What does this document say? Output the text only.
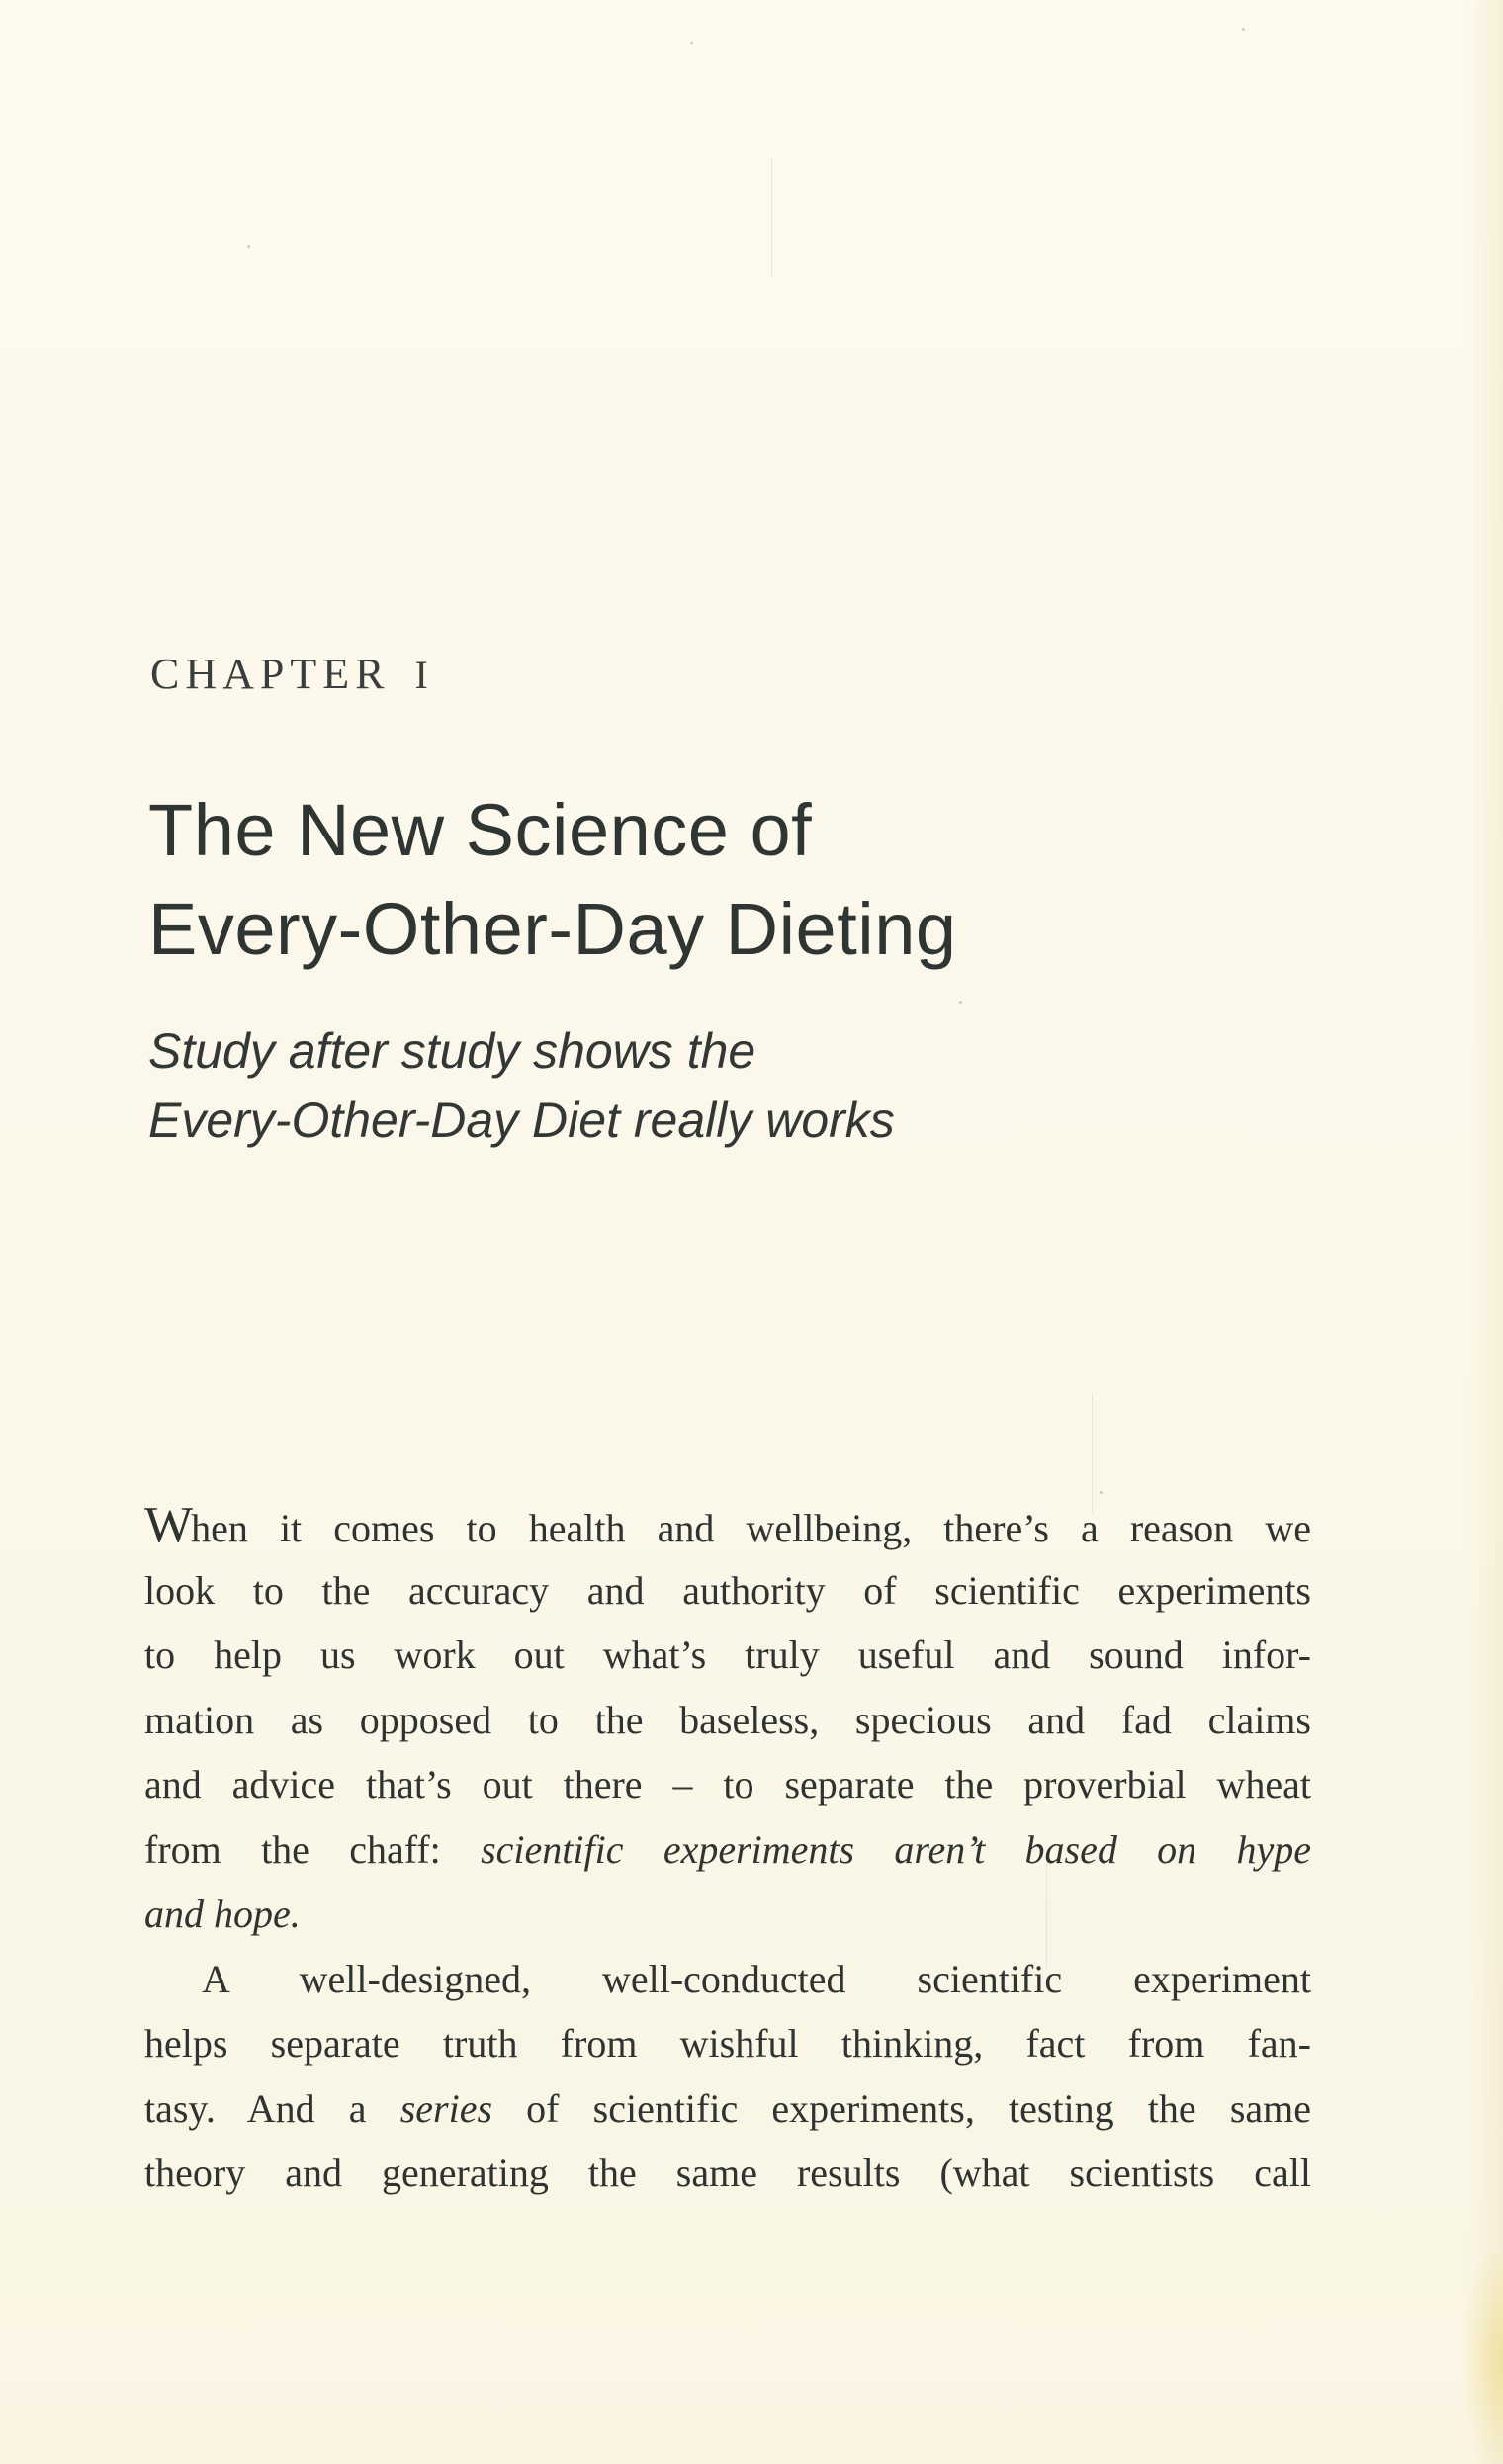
CHAPTER I
The New Science of
Every-Other-Day Dieting
Study after study shows the
Every-Other-Day Diet really works
When it comes to health and wellbeing, there’s a reason we
look to the accuracy and authority of scientific experiments
to help us work out what’s truly useful and sound infor-
mation as opposed to the baseless, specious and fad claims
and advice that’s out there – to separate the proverbial wheat
from the chaff: scientific experiments aren’t based on hype
and hope.
A well-designed, well-conducted scientific experiment
helps separate truth from wishful thinking, fact from fan-
tasy. And a series of scientific experiments, testing the same
theory and generating the same results (what scientists call
